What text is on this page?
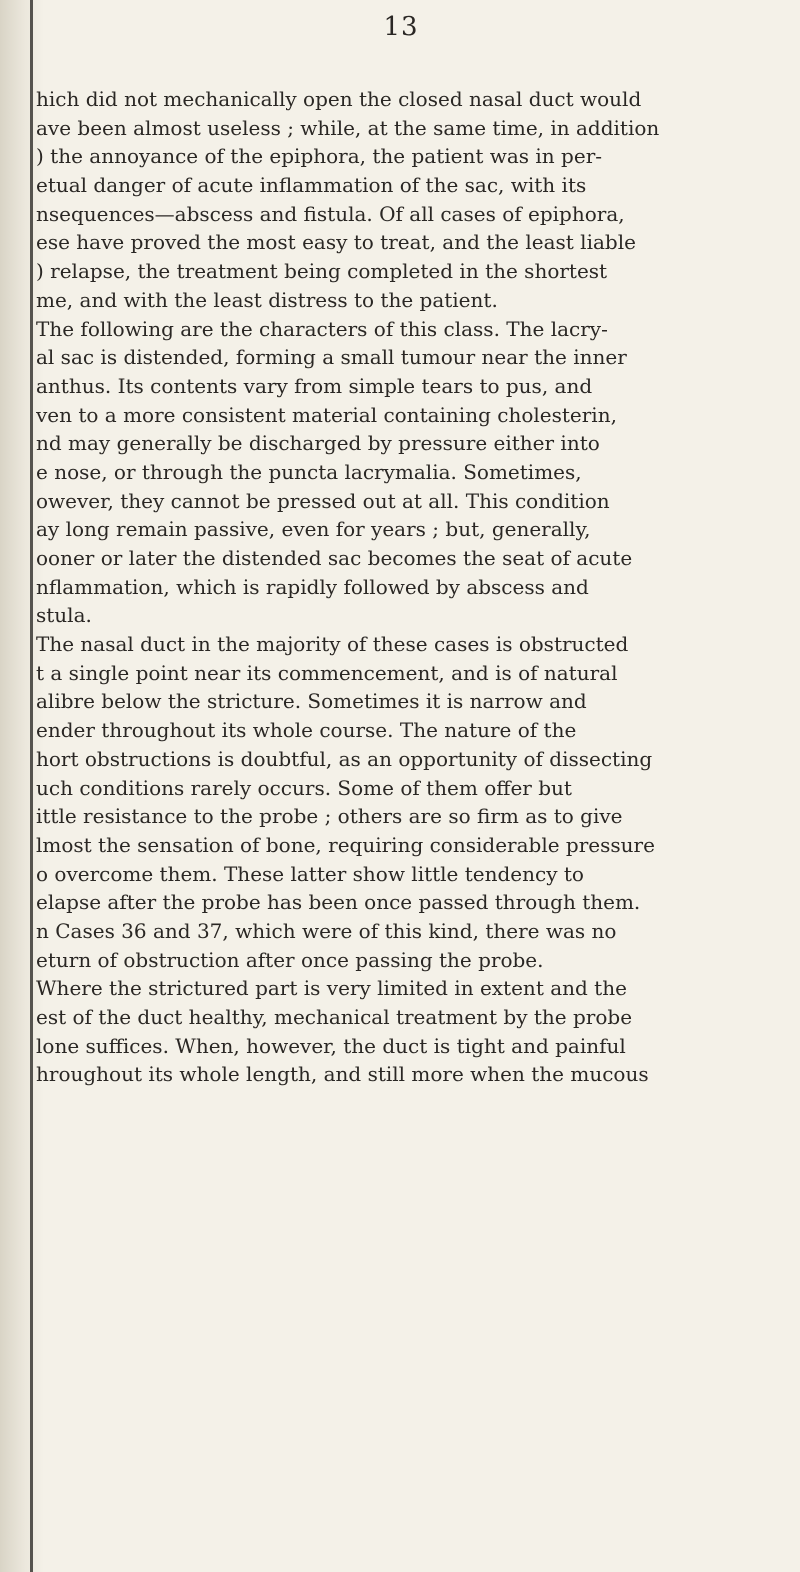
13
hich did not mechanically open the closed nasal duct would
ave been almost useless ; while, at the same time, in addition
) the annoyance of the epiphora, the patient was in per-
etual danger of acute inflammation of the sac, with its
nsequences—abscess and fistula. Of all cases of epiphora,
ese have proved the most easy to treat, and the least liable
) relapse, the treatment being completed in the shortest
me, and with the least distress to the patient.
The following are the characters of this class. The lacry-
al sac is distended, forming a small tumour near the inner
anthus. Its contents vary from simple tears to pus, and
ven to a more consistent material containing cholesterin,
nd may generally be discharged by pressure either into
e nose, or through the puncta lacrymalia. Sometimes,
owever, they cannot be pressed out at all. This condition
ay long remain passive, even for years ; but, generally,
ooner or later the distended sac becomes the seat of acute
nflammation, which is rapidly followed by abscess and
stula.
The nasal duct in the majority of these cases is obstructed
t a single point near its commencement, and is of natural
alibre below the stricture. Sometimes it is narrow and
ender throughout its whole course. The nature of the
hort obstructions is doubtful, as an opportunity of dissecting
uch conditions rarely occurs. Some of them offer but
ittle resistance to the probe ; others are so firm as to give
lmost the sensation of bone, requiring considerable pressure
o overcome them. These latter show little tendency to
elapse after the probe has been once passed through them.
n Cases 36 and 37, which were of this kind, there was no
eturn of obstruction after once passing the probe.
Where the strictured part is very limited in extent and the
est of the duct healthy, mechanical treatment by the probe
lone suffices. When, however, the duct is tight and painful
hroughout its whole length, and still more when the mucous
